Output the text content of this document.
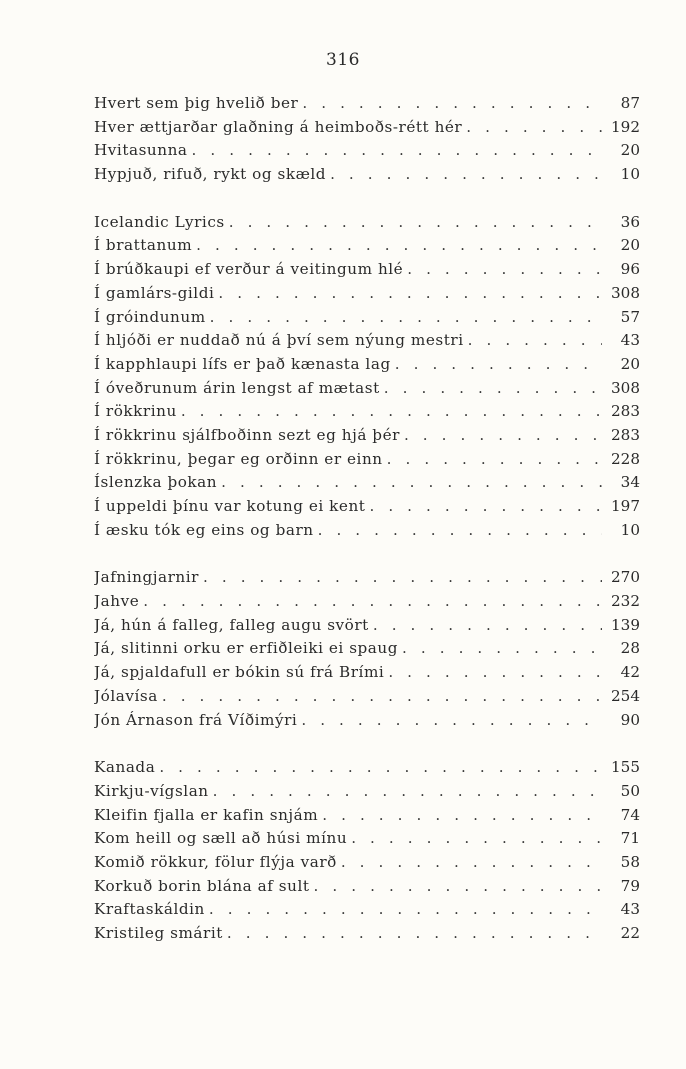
316
Hvert sem þig hvelið ber . . .	87
Hver ættjarðar glaðning á heimboðs-rétt hér . . .	192
Hvitasunna . . .	20
Hypjuð, rifuð, rykt og skæld . . .	10
Icelandic Lyrics . . .	36
Í brattanum . . .	20
Í brúðkaupi ef verður á veitingum hlé . . .	96
Í gamlárs-gildi . . .	308
Í gróindunum . . .	57
Í hljóði er nuddað nú á því sem nýung mestri . . .	43
Í kapphlaupi lífs er það kænasta lag . . .	20
Í óveðrunum árin lengst af mætast . . .	308
Í rökkrinu . . .	283
Í rökkrinu sjálfboðinn sezt eg hjá þér . . .	283
Í rökkrinu, þegar eg orðinn er einn . . .	228
Íslenzka þokan . . .	34
Í uppeldi þínu var kotung ei kent . . .	197
Í æsku tók eg eins og barn . . .	10
Jafningjarnir . . .	270
Jahve . . .	232
Já, hún á falleg, falleg augu svört . . .	139
Já, slitinni orku er erfiðleiki ei spaug . . .	28
Já, spjaldafull er bókin sú frá Brími . . .	42
Jólavísa . . .	254
Jón Árnason frá Víðimýri . . .	90
Kanada . . .	155
Kirkju-vígslan . . .	50
Kleifin fjalla er kafin snjám . . .	74
Kom heill og sæll að húsi mínu . . .	71
Komið rökkur, fölur flýja varð . . .	58
Korkuð borin blána af sult . . .	79
Kraftaskáldin . . .	43
Kristileg smárit . . .	22
